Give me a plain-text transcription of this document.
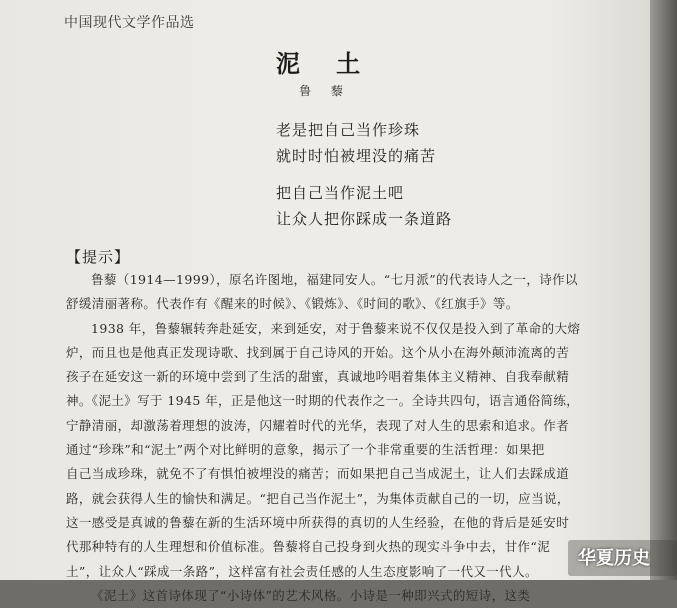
中国现代文学作品选
泥 土
鲁 藜

老是把自己当作珍珠

就时时怕被埋没的痛苦

把自己当作泥土吧

让众人把你踩成一条道路

【提示】

鲁藜（1914—1999），原名许图地，福建同安人。“七月派”的代表诗人之一，诗作以

舒缓清丽著称。代表作有《醒来的时候》、《锻炼》、《时间的歌》、《红旗手》等。

1938 年，鲁藜辗转奔赴延安，来到延安，对于鲁藜来说不仅仅是投入到了革命的大熔

炉，而且也是他真正发现诗歌、找到属于自己诗风的开始。这个从小在海外颠沛流离的苦

孩子在延安这一新的环境中尝到了生活的甜蜜，真诚地吟唱着集体主义精神、自我奉献精

神。《泥土》写于 1945 年，正是他这一时期的代表作之一。全诗共四句，语言通俗简练，

宁静清丽，却激荡着理想的波涛，闪耀着时代的光华，表现了对人生的思索和追求。作者

通过“珍珠”和“泥土”两个对比鲜明的意象，揭示了一个非常重要的生活哲理：如果把

自己当成珍珠，就免不了有惧怕被埋没的痛苦；而如果把自己当成泥土，让人们去踩成道

路，就会获得人生的愉快和满足。“把自己当作泥土”，为集体贡献自己的一切，应当说，

这一感受是真诚的鲁藜在新的生活环境中所获得的真切的人生经验，在他的背后是延安时

代那种特有的人生理想和价值标准。鲁藜将自己投身到火热的现实斗争中去，甘作“泥

土”，让众人“踩成一条路”，这样富有社会责任感的人生态度影响了一代又一代人。

《泥土》这首诗体现了“小诗体”的艺术风格。小诗是一种即兴式的短诗，这类

华夏历史
